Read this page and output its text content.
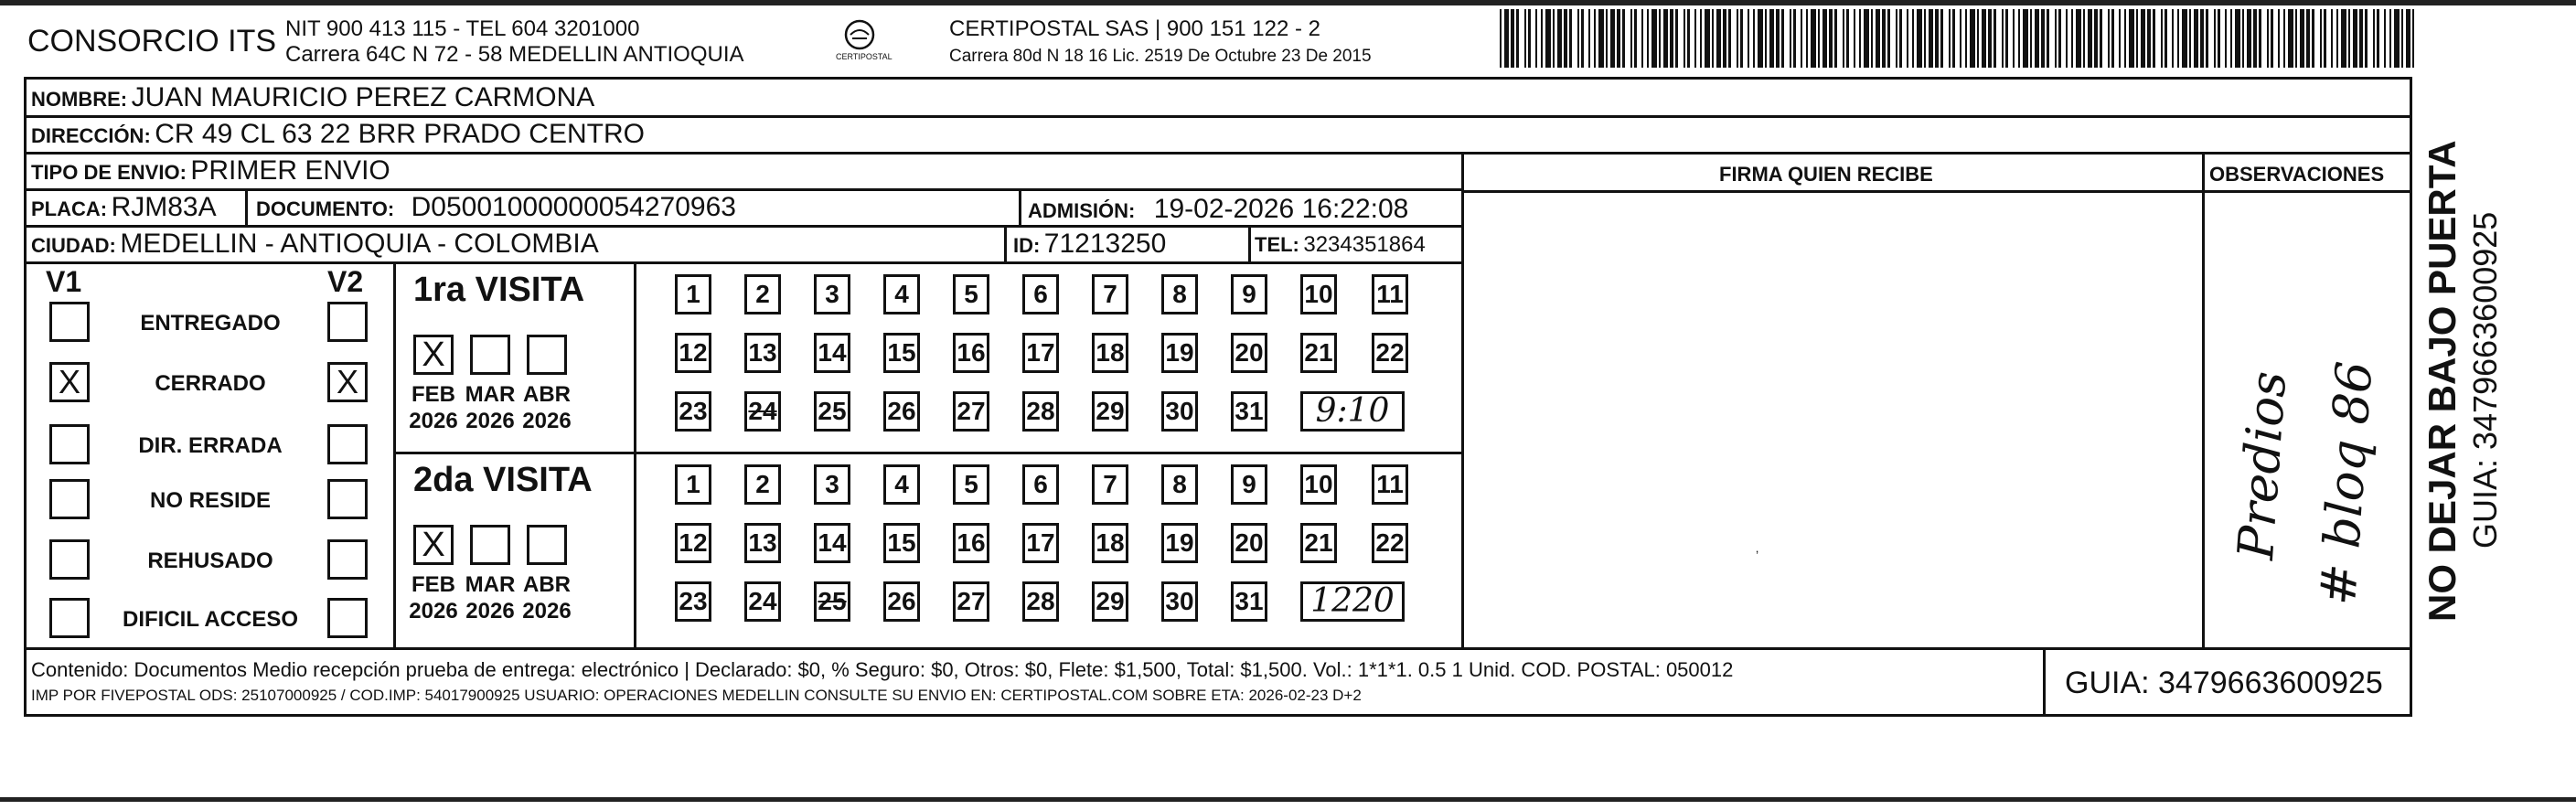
CONSORCIO ITS NIT 900 413 115 - TEL 604 3201000
Carrera 64C N 72 - 58 MEDELLIN ANTIOQUIA	CERTIPOSTAL
CERTIPOSTAL SAS | 900 151 122 - 2
Carrera 80d N 18 16 Lic. 2519 De Octubre 23 De 2015
NOMBRE: JUAN MAURICIO PEREZ CARMONA
DIRECCIÓN: CR 49 CL 63 22 BRR PRADO CENTRO
TIPO DE ENVIO: PRIMER ENVIO	FIRMA QUIEN RECIBE	OBSERVACIONES
PLACA: RJM83A DOCUMENTO: D05001000000054270963	ADMISIÓN: 19-02-2026 16:22:08
CIUDAD: MEDELLIN - ANTIOQUIA - COLOMBIA	ID: 71213250	TEL: 3234351864
V1	V2
ENTREGADO
X	CERRADO	X
DIR. ERRADA
NO RESIDE
REHUSADO
DIFICIL ACCESO
1ra VISITA
X
FEB
2026
MAR
2026
ABR
2026
1	2	3	4	5	6	7	8	9	10 11
12 13 14 15 16 17 18 19 20 21 22
23 24 25 26 27 28 29 30 31	9:10
2da VISITA
X
FEB
2026
MAR
2026
ABR
2026
1	2	3	4	5	6	7	8	9	10 11
12 13 14 15 16 17 18 19 20 21 22
23 24 25 26 27 28 29 30 31	1220
Predios # bloq 86
‚	NO DEJAR BAJO PUERTA GUIA: 3479663600925
Contenido: Documentos Medio recepción prueba de entrega: electrónico | Declarado: $0, % Seguro: $0, Otros: $0, Flete: $1,500, Total: $1,500. Vol.: 1*1*1. 0.5 1 Unid. COD. POSTAL: 050012
IMP POR FIVEPOSTAL ODS: 25107000925 / COD.IMP: 54017900925 USUARIO: OPERACIONES MEDELLIN CONSULTE SU ENVIO EN: CERTIPOSTAL.COM SOBRE ETA: 2026-02-23 D+2	GUIA: 3479663600925
